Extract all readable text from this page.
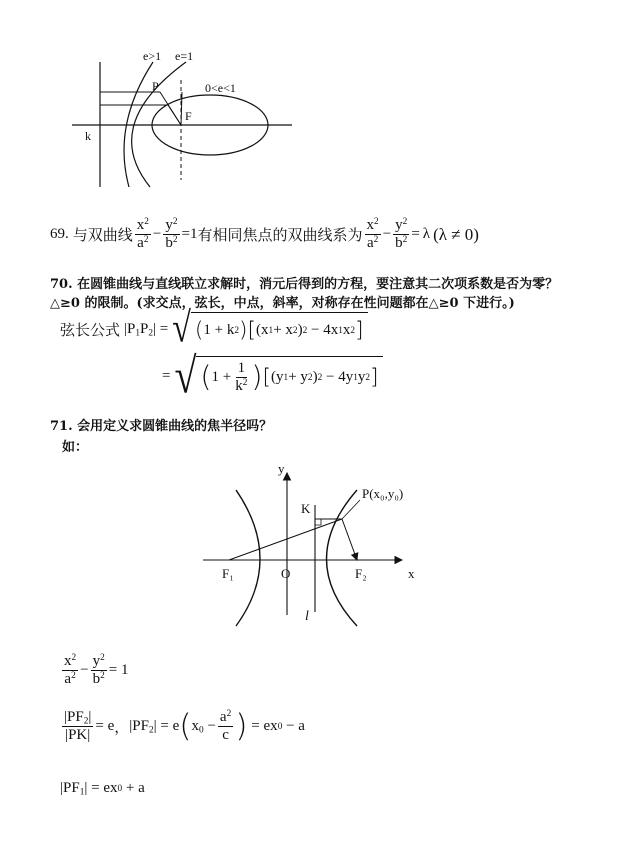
e>1 e=1
0<e<1
P
F
k
69. 与双曲线 $\frac{x^2}{a^2} - \frac{y^2}{b^2} =1$ 有相同焦点的双曲线系为 $\frac{x^2}{a^2} - \frac{y^2}{b^2} = \lambda$ (λ ≠ 0)
70. 在圆锥曲线与直线联立求解时，消元后得到的方程，要注意其二次项系数是否为零？
△≥0 的限制。(求交点，弦长，中点，斜率，对称存在性问题都在△≥0 下进行。)
弦长公式 $|P_1P_2|$ = √ ( 1 + k 2 ) [ (x 1 + x 2 ) 2 − 4x 1 x 2 ]
= √ ( $1 + \frac{1}{k^2}$ ) [ (y 1 + y 2 ) 2 − 4y 1 y 2 ]
71. 会用定义求圆锥曲线的焦半径吗？
如：
y
x
P(x₀,y₀)
K
F₁	O	F₂
l
$\frac{x^2}{a^2} - \frac{y^2}{b^2} = 1$
$\frac{|PF_2|}{|PK|} = e$ ， $|PF_2| = e$ ( $x_0 - \frac{a^2}{c}$ ) = ex 0
− a
$|PF_1|$ = ex 0
+ a
